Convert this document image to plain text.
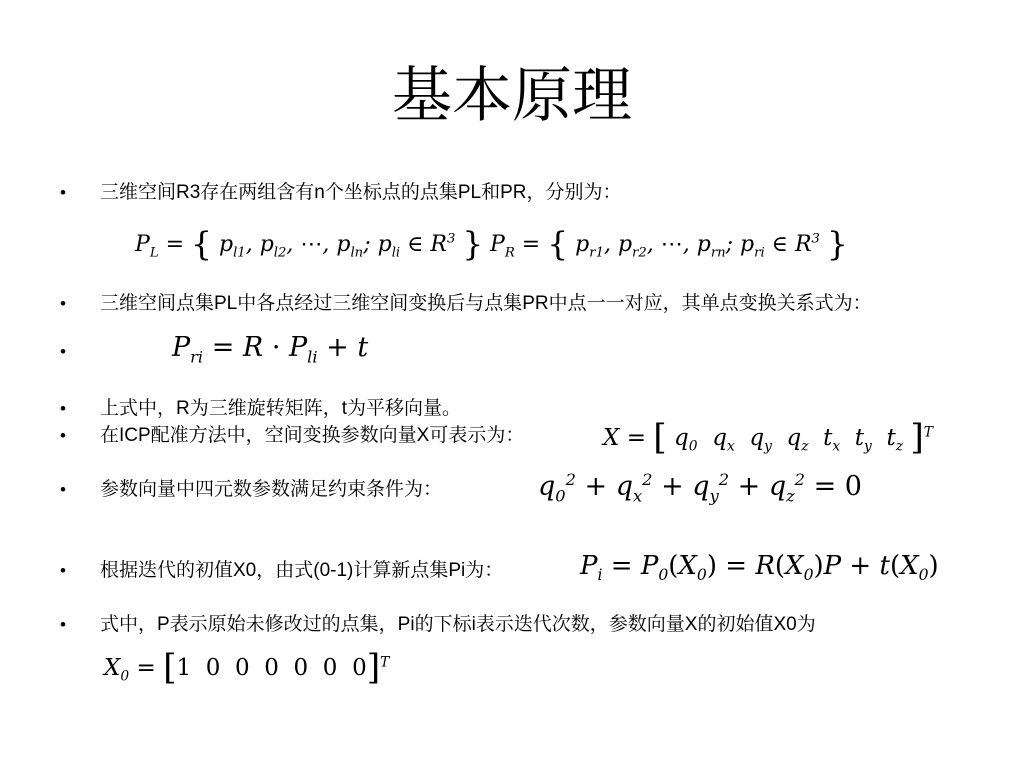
基本原理
•	三维空间R3存在两组含有n个坐标点的点集PL和PR，分别为：
$P_L$ = { $p_{l1}$, $p_{l2}$, ⋯, $p_{ln}$; $p_{li}$ ∈ $R^3$ } $P_R$ = { $p_{r1}$, $p_{r2}$, ⋯, $p_{rn}$; $p_{ri}$ ∈ $R^3$ }
•	三维空间点集PL中各点经过三维空间变换后与点集PR中点一一对应，其单点变换关系式为：
•	$P_{ri} = R \cdot P_{li} + t$
•	上式中，R为三维旋转矩阵，t为平移向量。
•	在ICP配准方法中，空间变换参数向量X可表示为：	X = [ $q_0$  $q_x$  $q_y$  $q_z$  $t_x$  $t_y$  $t_z$ ]$^T$
•	参数向量中四元数参数满足约束条件为：	$q_0^2 + q_x^2 + q_y^2 + q_z^2 = 0$
•	根据迭代的初值X0，由式(0-1)计算新点集Pi为：	$P_i = P_0(X_0) = R(X_0)P + t(X_0)$
•	式中，P表示原始未修改过的点集，Pi的下标i表示迭代次数，参数向量X的初始值X0为
$X_0 = [1$  0  0  0  0  0  0]$^T$
